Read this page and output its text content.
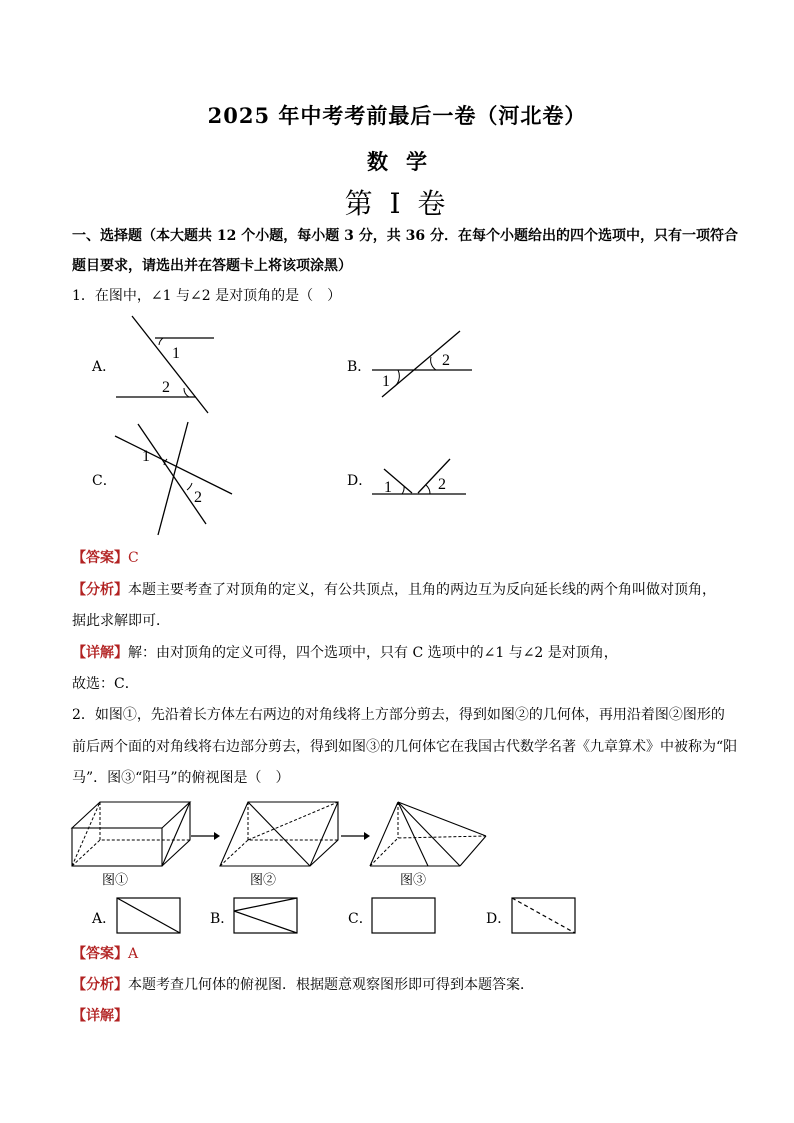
2025 年中考考前最后一卷（河北卷）
数学
第 I 卷
一、选择题（本大题共 12 个小题，每小题 3 分，共 36 分．在每个小题给出的四个选项中，只有一项符合
题目要求，请选出并在答题卡上将该项涂黑）
1．在图中，∠1 与∠2 是对顶角的是（　）
A．
1
2
B．
1
2
C．
1
2
D． 1	2
【答案】C
【分析】本题主要考查了对顶角的定义，有公共顶点，且角的两边互为反向延长线的两个角叫做对顶角，
据此求解即可．
【详解】解：由对顶角的定义可得，四个选项中，只有 C 选项中的∠1 与∠2 是对顶角，
故选：C．
2．如图①，先沿着长方体左右两边的对角线将上方部分剪去，得到如图②的几何体，再用沿着图②图形的
前后两个面的对角线将右边部分剪去，得到如图③的几何体它在我国古代数学名著《九章算术》中被称为“阳
马”．图③“阳马”的俯视图是（　）
图①	图②	图③
A．	B．	C．	D．
【答案】A
【分析】本题考查几何体的俯视图．根据题意观察图形即可得到本题答案．
【详解】
